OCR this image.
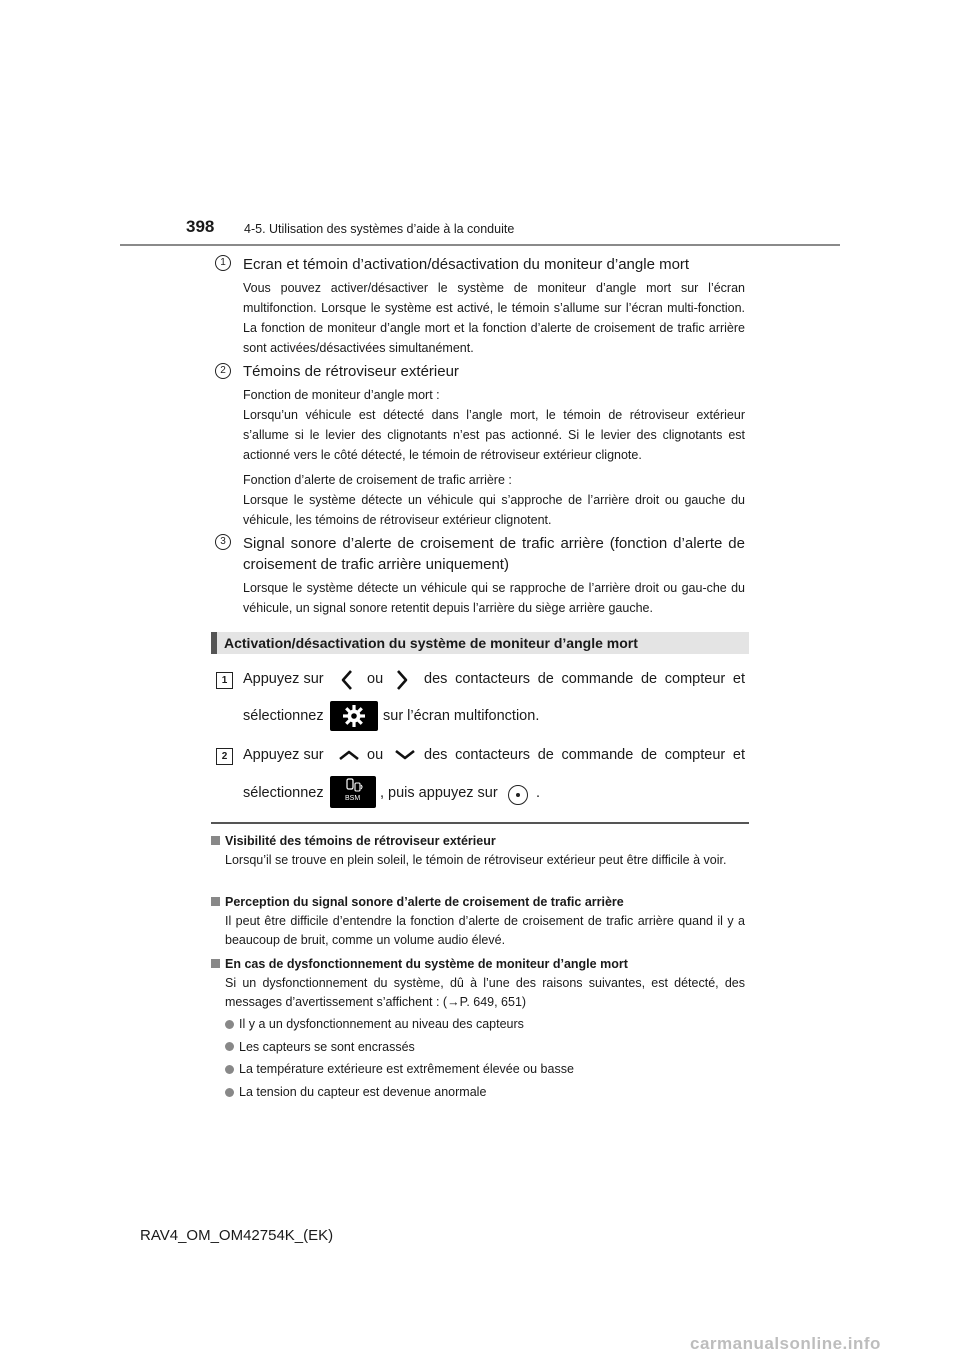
398 4-5. Utilisation des systèmes d’aide à la conduite
1	Ecran et témoin d’activation/désactivation du moniteur d’angle mort

Vous pouvez activer/désactiver le système de moniteur d’angle mort sur l’écran multifonction. Lorsque le système est activé, le témoin s’allume sur l’écran multi-fonction. La fonction de moniteur d’angle mort et la fonction d’alerte de croisement de trafic arrière sont activées/désactivées simultanément.

2	Témoins de rétroviseur extérieur

Fonction de moniteur d’angle mort :

Lorsqu’un véhicule est détecté dans l’angle mort, le témoin de rétroviseur extérieur s’allume si le levier des clignotants n’est pas actionné. Si le levier des clignotants est actionné vers le côté détecté, le témoin de rétroviseur extérieur clignote.

Fonction d’alerte de croisement de trafic arrière :

Lorsque le système détecte un véhicule qui s’approche de l’arrière droit ou gauche du véhicule, les témoins de rétroviseur extérieur clignotent.

3	Signal sonore d’alerte de croisement de trafic arrière (fonction d’alerte de croisement de trafic arrière uniquement)

Lorsque le système détecte un véhicule qui se rapproche de l’arrière droit ou gau-che du véhicule, un signal sonore retentit depuis l’arrière du siège arrière gauche.

Activation/désactivation du système de moniteur d’angle mort
1	Appuyez sur	ou	des contacteurs de commande de compteur et
sélectionnez	sur l’écran multifonction.
2	Appuyez sur	ou	des contacteurs de commande de compteur et
sélectionnez	BSM , puis appuyez sur	.
Visibilité des témoins de rétroviseur extérieur
Lorsqu’il se trouve en plein soleil, le témoin de rétroviseur extérieur peut être difficile à voir.
Perception du signal sonore d’alerte de croisement de trafic arrière
Il peut être difficile d’entendre la fonction d’alerte de croisement de trafic arrière quand il y a beaucoup de bruit, comme un volume audio élevé.
En cas de dysfonctionnement du système de moniteur d’angle mort
Si un dysfonctionnement du système, dû à l’une des raisons suivantes, est détecté, des messages d’avertissement s’affichent : (→P. 649, 651)
Il y a un dysfonctionnement au niveau des capteurs
Les capteurs se sont encrassés
La température extérieure est extrêmement élevée ou basse
La tension du capteur est devenue anormale
RAV4_OM_OM42754K_(EK)
carmanualsonline.info
